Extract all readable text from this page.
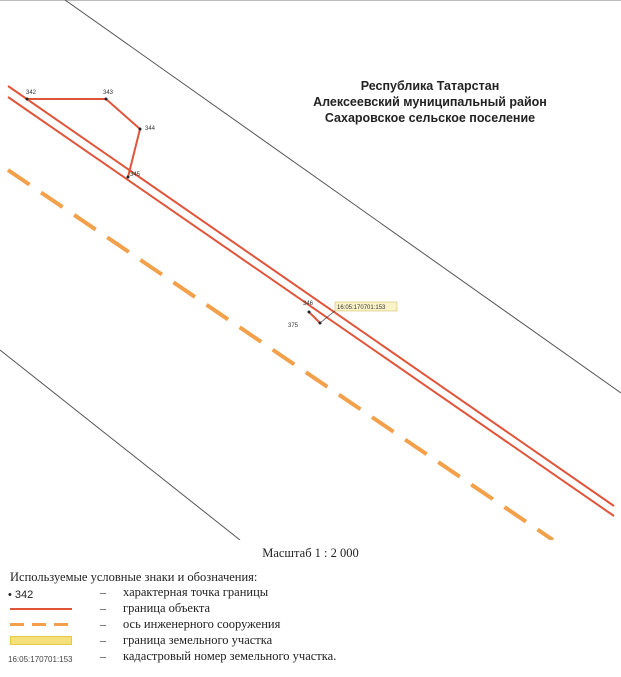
342	343
344
345
346
375
16:05:170701:153
Республика Татарстан
Алексеевский муниципальный район
Сахаровское сельское поселение
Масштаб 1 : 2 000
Используемые условные знаки и обозначения:
• 342	– характерная точка границы
– граница объекта
– ось инженерного сооружения
– граница земельного участка
16:05:170701:153	– кадастровый номер земельного участка.
